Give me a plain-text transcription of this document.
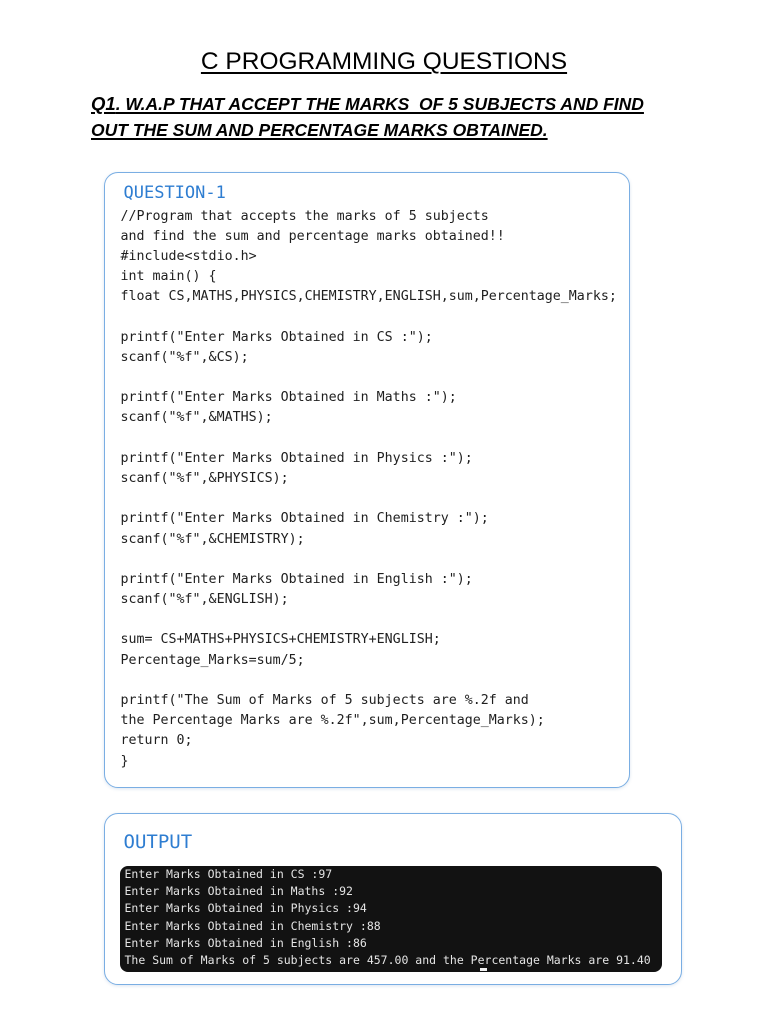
C PROGRAMMING QUESTIONS
Q1. W.A.P THAT ACCEPT THE MARKS  OF 5 SUBJECTS AND FIND
OUT THE SUM AND PERCENTAGE MARKS OBTAINED.
QUESTION-1
//Program that accepts the marks of 5 subjects
and find the sum and percentage marks obtained!!
#include<stdio.h>
int main() {
float CS,MATHS,PHYSICS,CHEMISTRY,ENGLISH,sum,Percentage_Marks;
printf("Enter Marks Obtained in CS :");
scanf("%f",&CS);
printf("Enter Marks Obtained in Maths :");
scanf("%f",&MATHS);
printf("Enter Marks Obtained in Physics :");
scanf("%f",&PHYSICS);
printf("Enter Marks Obtained in Chemistry :");
scanf("%f",&CHEMISTRY);
printf("Enter Marks Obtained in English :");
scanf("%f",&ENGLISH);
sum= CS+MATHS+PHYSICS+CHEMISTRY+ENGLISH;
Percentage_Marks=sum/5;
printf("The Sum of Marks of 5 subjects are %.2f and
the Percentage Marks are %.2f",sum,Percentage_Marks);
return 0;
}
OUTPUT
Enter Marks Obtained in CS :97
Enter Marks Obtained in Maths :92
Enter Marks Obtained in Physics :94
Enter Marks Obtained in Chemistry :88
Enter Marks Obtained in English :86
The Sum of Marks of 5 subjects are 457.00 and the Percentage Marks are 91.40
